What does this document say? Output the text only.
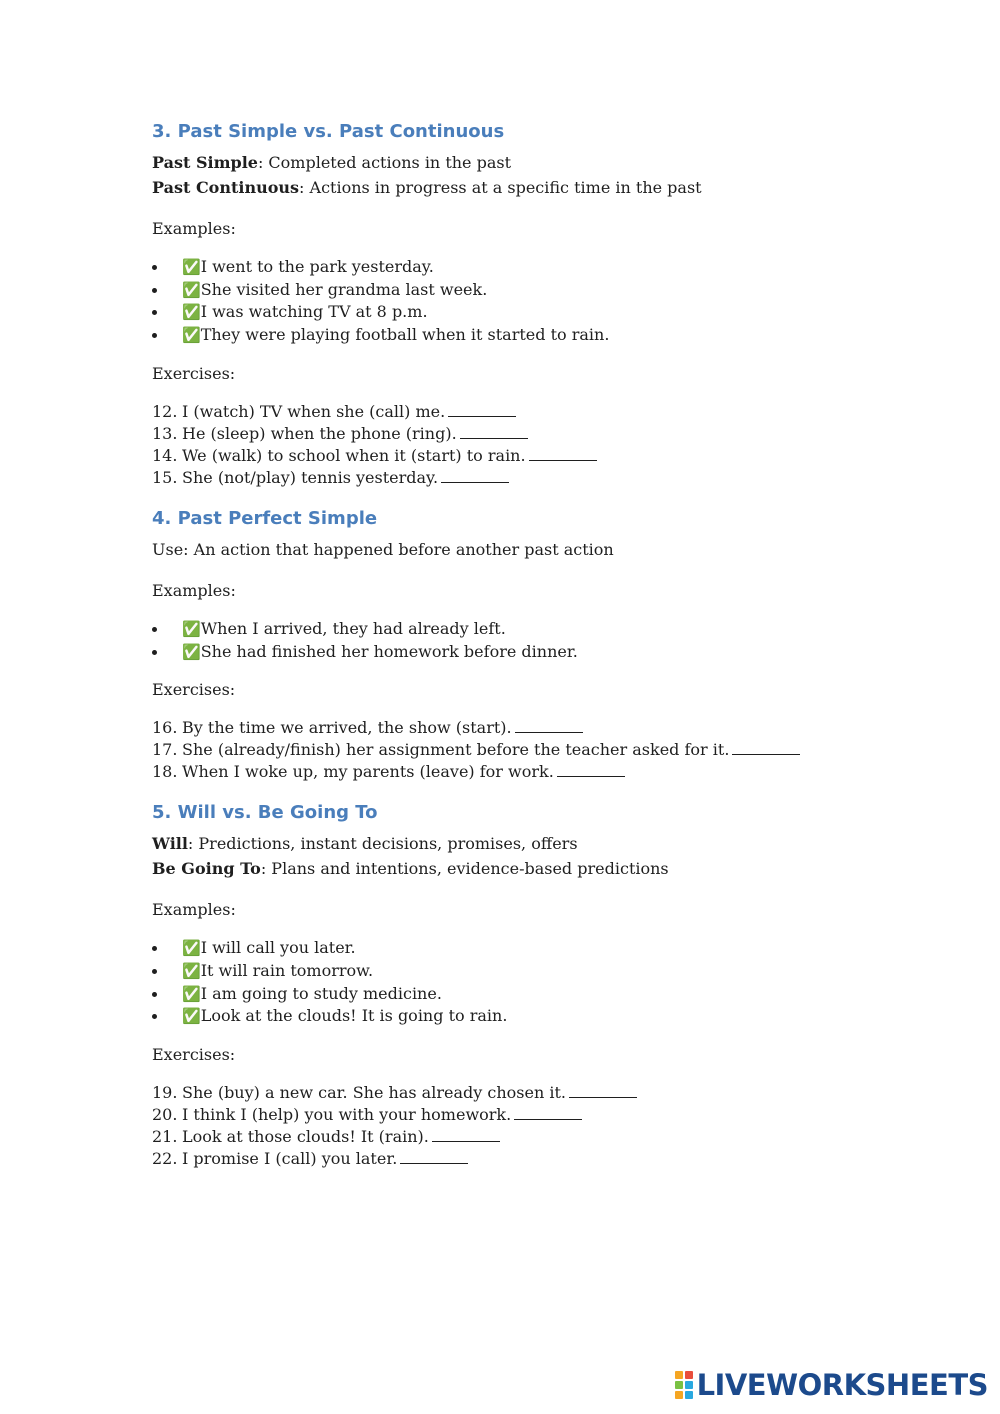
3. Past Simple vs. Past Continuous

Past Simple: Completed actions in the past

Past Continuous: Actions in progress at a specific time in the past

Examples:

✅I went to the park yesterday.
✅She visited her grandma last week.
✅I was watching TV at 8 p.m.
✅They were playing football when it started to rain.

Exercises:

12. I (watch) TV when she (call) me.
13. He (sleep) when the phone (ring).
14. We (walk) to school when it (start) to rain.
15. She (not/play) tennis yesterday.
4. Past Perfect Simple

Use: An action that happened before another past action

Examples:

✅When I arrived, they had already left.
✅She had finished her homework before dinner.

Exercises:

16. By the time we arrived, the show (start).
17. She (already/finish) her assignment before the teacher asked for it.
18. When I woke up, my parents (leave) for work.
5. Will vs. Be Going To

Will: Predictions, instant decisions, promises, offers

Be Going To: Plans and intentions, evidence-based predictions

Examples:

✅I will call you later.
✅It will rain tomorrow.
✅I am going to study medicine.
✅Look at the clouds! It is going to rain.

Exercises:

19. She (buy) a new car. She has already chosen it.
20. I think I (help) you with your homework.
21. Look at those clouds! It (rain).
22. I promise I (call) you later.
LIVEWORKSHEETS
